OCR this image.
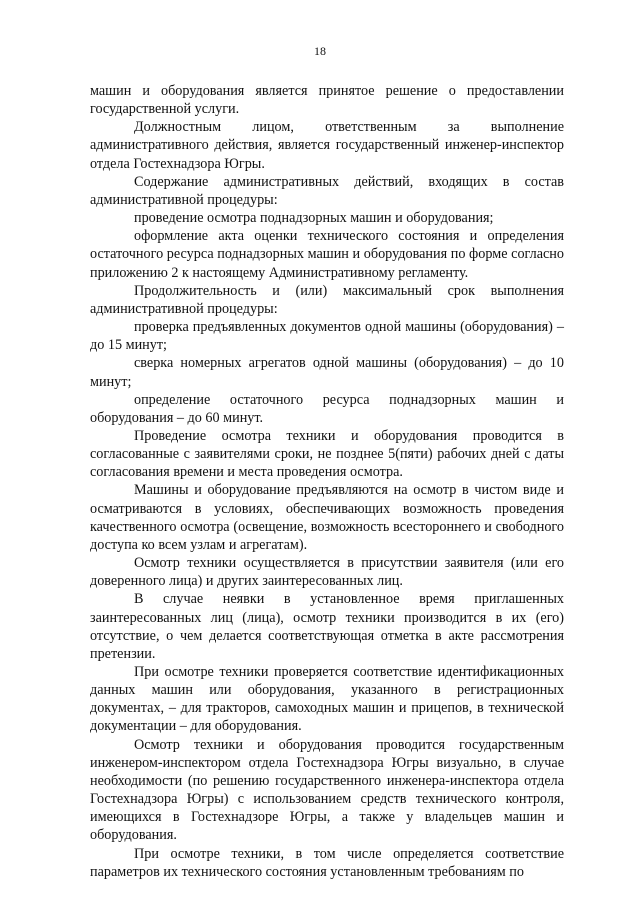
18

машин и оборудования является принятое решение о предоставлении государственной услуги.

Должностным лицом, ответственным за выполнение административного действия, является государственный инженер-инспектор отдела Гостехнадзора Югры.

Содержание административных действий, входящих в состав административной процедуры:

проведение осмотра поднадзорных машин и оборудования;

оформление акта оценки технического состояния и определения остаточного ресурса поднадзорных машин и оборудования по форме согласно приложению 2 к настоящему Административному регламенту.

Продолжительность и (или) максимальный срок выполнения административной процедуры:

проверка предъявленных документов одной машины (оборудования) – до 15 минут;

сверка номерных агрегатов одной машины (оборудования) – до 10 минут;

определение остаточного ресурса поднадзорных машин и оборудования – до 60 минут.

Проведение осмотра техники и оборудования проводится в согласованные с заявителями сроки, не позднее 5(пяти) рабочих дней с даты согласования времени и места проведения осмотра.

Машины и оборудование предъявляются на осмотр в чистом виде и осматриваются в условиях, обеспечивающих возможность проведения качественного осмотра (освещение, возможность всестороннего и свободного доступа ко всем узлам и агрегатам).

Осмотр техники осуществляется в присутствии заявителя (или его доверенного лица) и других заинтересованных лиц.

В случае неявки в установленное время приглашенных заинтересованных лиц (лица), осмотр техники производится в их (его) отсутствие, о чем делается соответствующая отметка в акте рассмотрения претензии.

При осмотре техники проверяется соответствие идентификационных данных машин или оборудования, указанного в регистрационных документах, – для тракторов, самоходных машин и прицепов, в технической документации – для оборудования.

Осмотр техники и оборудования проводится государственным инженером-инспектором отдела Гостехнадзора Югры визуально, в случае необходимости (по решению государственного инженера-инспектора отдела Гостехнадзора Югры) с использованием средств технического контроля, имеющихся в Гостехнадзоре Югры, а также у владельцев машин и оборудования.

При осмотре техники, в том числе определяется соответствие параметров их технического состояния установленным требованиям по
